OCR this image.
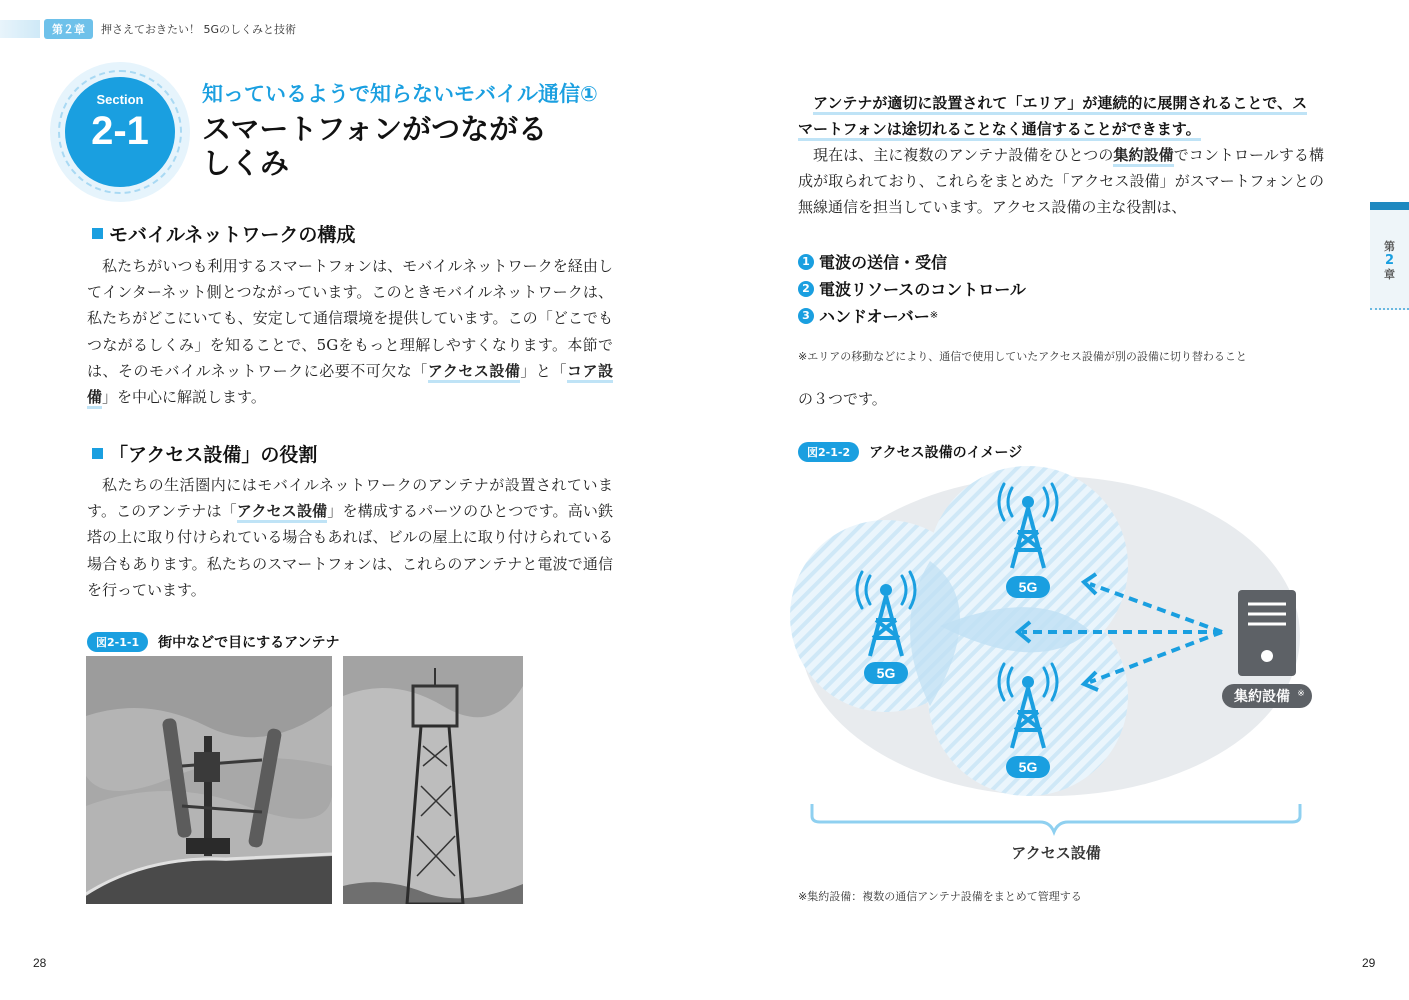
第２章	押さえておきたい！ 5Gのしくみと技術
Section
2-1
知っているようで知らないモバイル通信①
スマートフォンがつながる
しくみ
モバイルネットワークの構成
私たちがいつも利用するスマートフォンは、モバイルネットワークを経由してインターネット側とつながっています。このときモバイルネットワークは、私たちがどこにいても、安定して通信環境を提供しています。この「どこでもつながるしくみ」を知ることで、5Gをもっと理解しやすくなります。本節では、そのモバイルネットワークに必要不可欠な「アクセス設備」と「コア設備」を中心に解説します。
「アクセス設備」の役割
私たちの生活圏内にはモバイルネットワークのアンテナが設置されています。このアンテナは「アクセス設備」を構成するパーツのひとつです。高い鉄塔の上に取り付けられている場合もあれば、ビルの屋上に取り付けられている場合もあります。私たちのスマートフォンは、これらのアンテナと電波で通信を行っています。
図2-1-1	街中などで目にするアンテナ
28
アンテナが適切に設置されて「エリア」が連続的に展開されることで、ス
マートフォンは途切れることなく通信することができます。
現在は、主に複数のアンテナ設備をひとつの集約設備でコントロールする構成が取られており、これらをまとめた「アクセス設備」がスマートフォンとの無線通信を担当しています。アクセス設備の主な役割は、
1 電波の送信・受信
2 電波リソースのコントロール
3 ハンドオーバー ※
※エリアの移動などにより、通信で使用していたアクセス設備が別の設備に切り替わること
の３つです。
図2-1-2	アクセス設備のイメージ
5G
5G
5G
集約設備 ※
アクセス設備
※集約設備：複数の通信アンテナ設備をまとめて管理する
第
2
章
29
